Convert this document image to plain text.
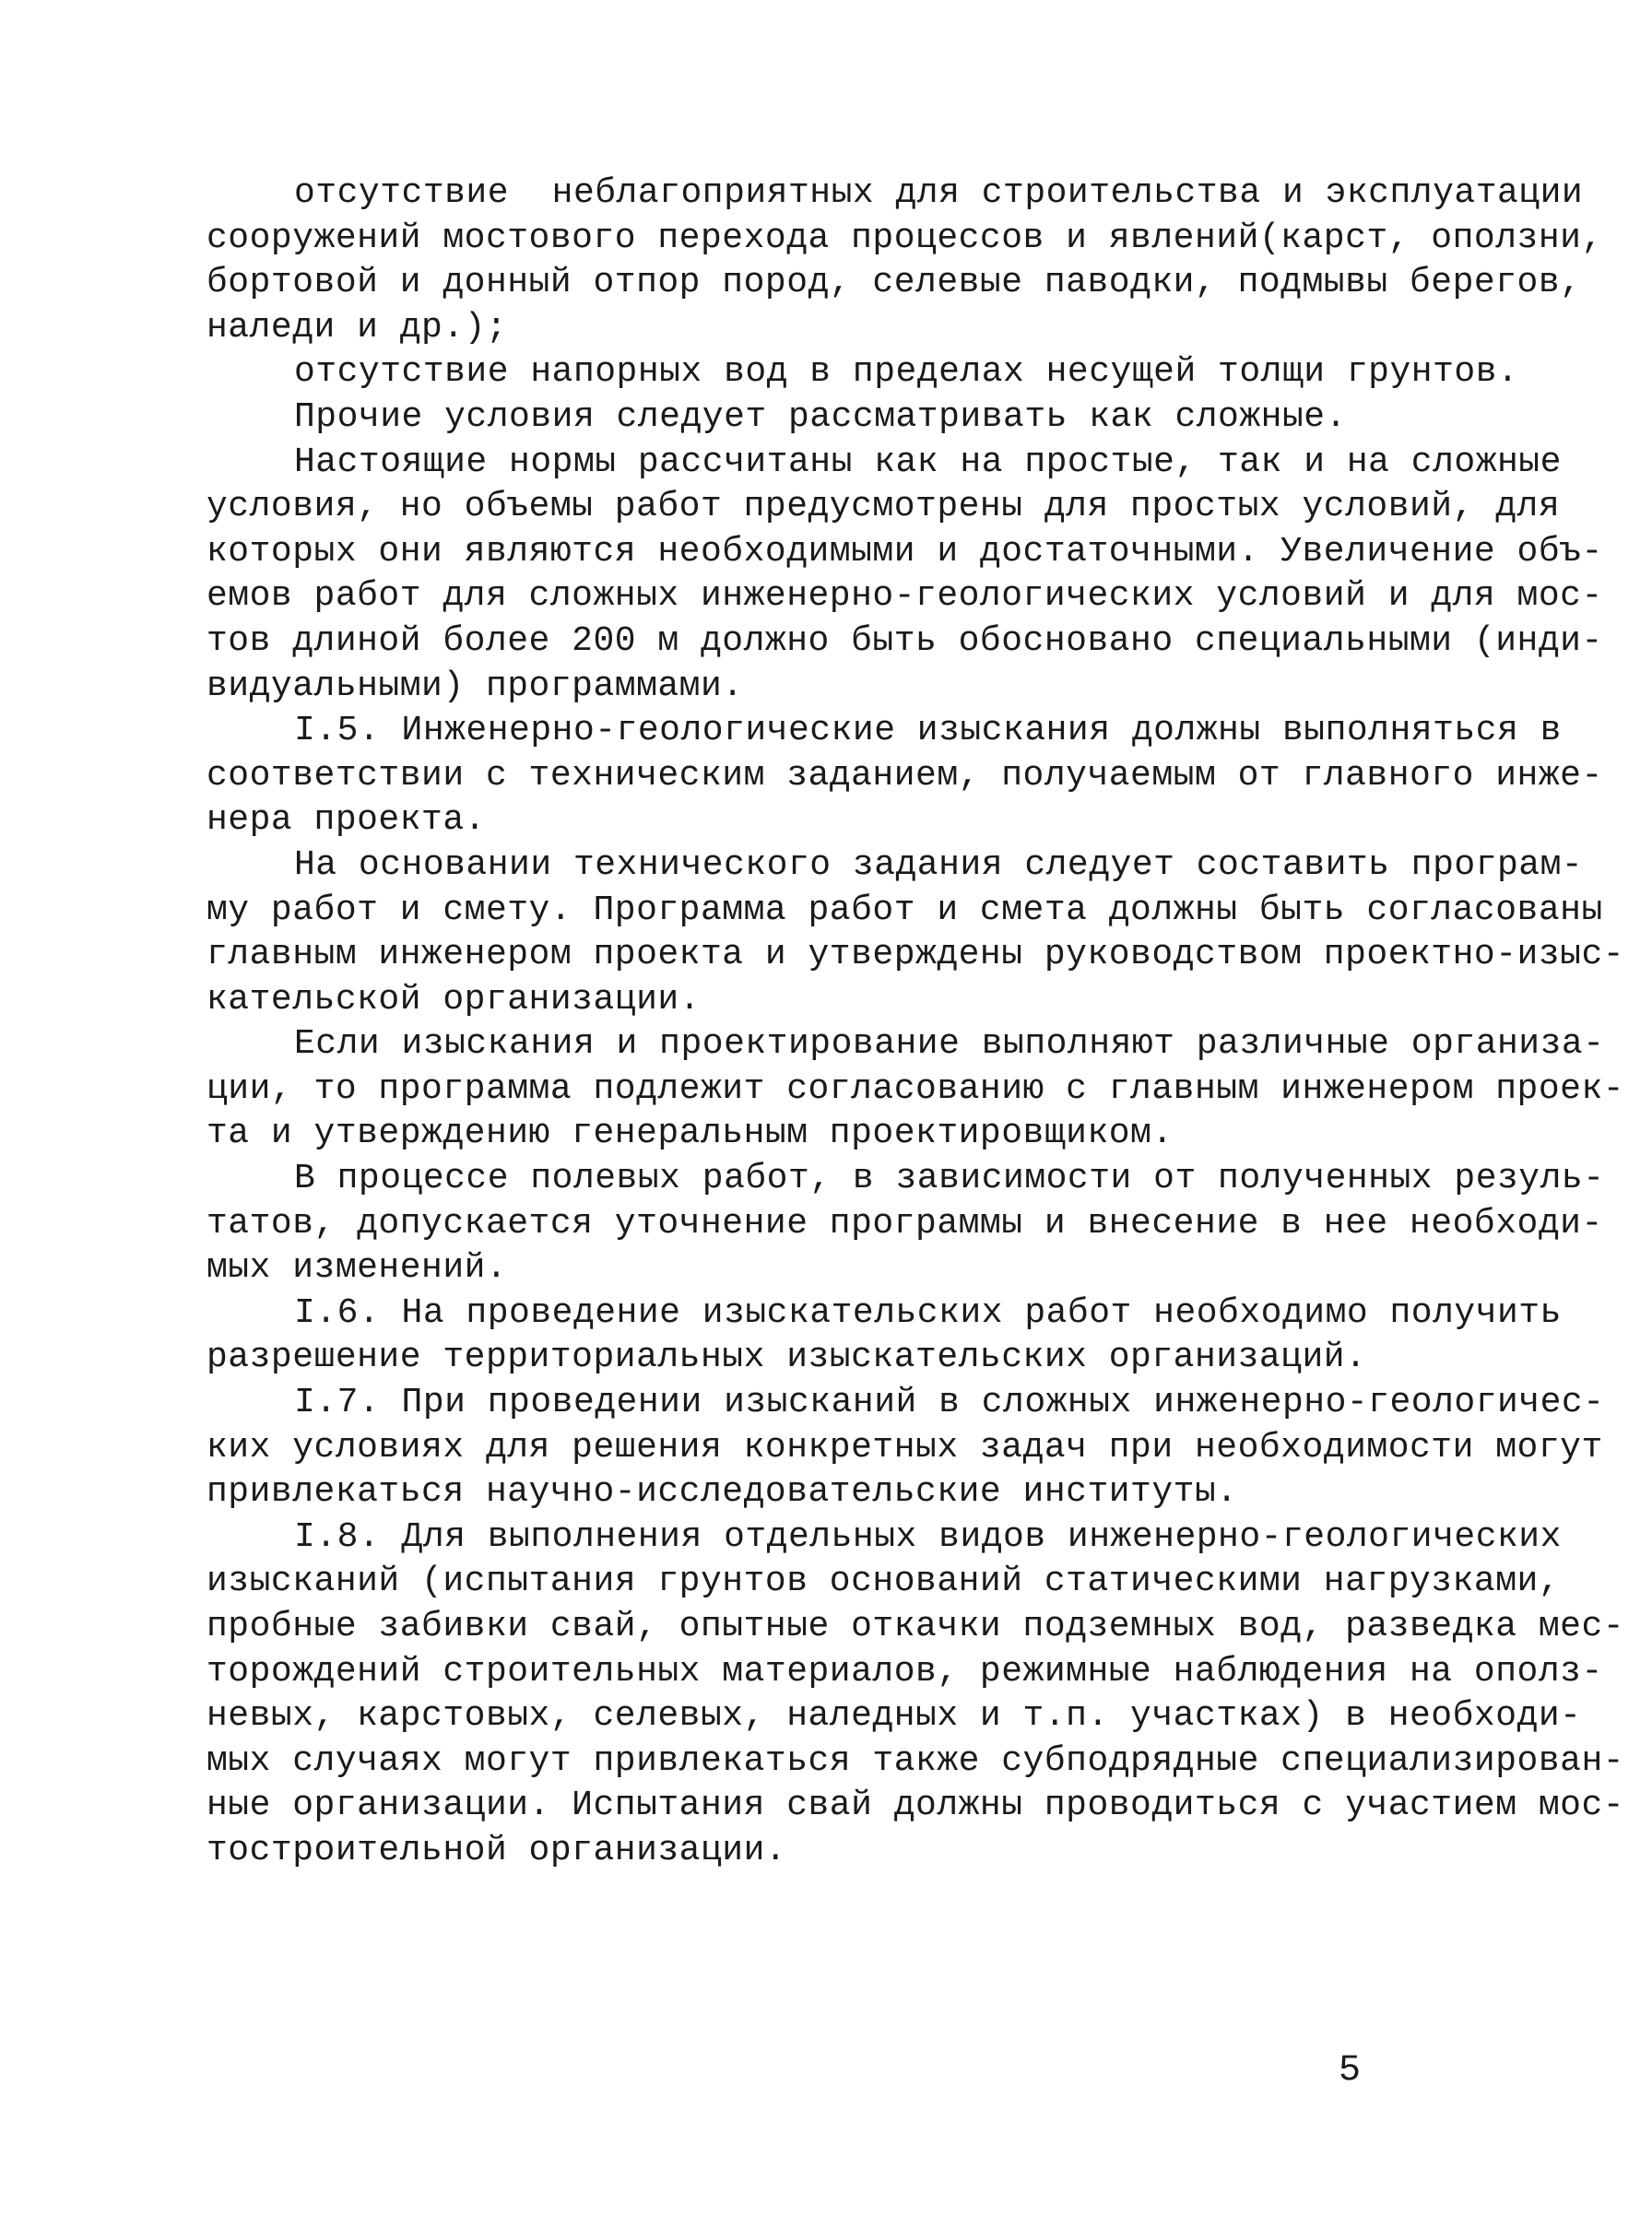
отсутствие  неблагоприятных для строительства и эксплуатации
сооружений мостового перехода процессов и явлений(карст, оползни,
бортовой и донный отпор пород, селевые паводки, подмывы берегов,
наледи и др.);
отсутствие напорных вод в пределах несущей толщи грунтов.
Прочие условия следует рассматривать как сложные.
Настоящие нормы рассчитаны как на простые, так и на сложные
условия, но объемы работ предусмотрены для простых условий, для
которых они являются необходимыми и достаточными. Увеличение объ-
емов работ для сложных инженерно-геологических условий и для мос-
тов длиной более 200 м должно быть обосновано специальными (инди-
видуальными) программами.
I.5. Инженерно-геологические изыскания должны выполняться в
соответствии с техническим заданием, получаемым от главного инже-
нера проекта.
На основании технического задания следует составить програм-
му работ и смету. Программа работ и смета должны быть согласованы
главным инженером проекта и утверждены руководством проектно-изыс-
кательской организации.
Если изыскания и проектирование выполняют различные организа-
ции, то программа подлежит согласованию с главным инженером проек-
та и утверждению генеральным проектировщиком.
В процессе полевых работ, в зависимости от полученных резуль-
татов, допускается уточнение программы и внесение в нее необходи-
мых изменений.
I.6. На проведение изыскательских работ необходимо получить
разрешение территориальных изыскательских организаций.
I.7. При проведении изысканий в сложных инженерно-геологичес-
ких условиях для решения конкретных задач при необходимости могут
привлекаться научно-исследовательские институты.
I.8. Для выполнения отдельных видов инженерно-геологических
изысканий (испытания грунтов оснований статическими нагрузками,
пробные забивки свай, опытные откачки подземных вод, разведка мес-
торождений строительных материалов, режимные наблюдения на ополз-
невых, карстовых, селевых, наледных и т.п. участках) в необходи-
мых случаях могут привлекаться также субподрядные специализирован-
ные организации. Испытания свай должны проводиться с участием мос-
тостроительной организации.
5
